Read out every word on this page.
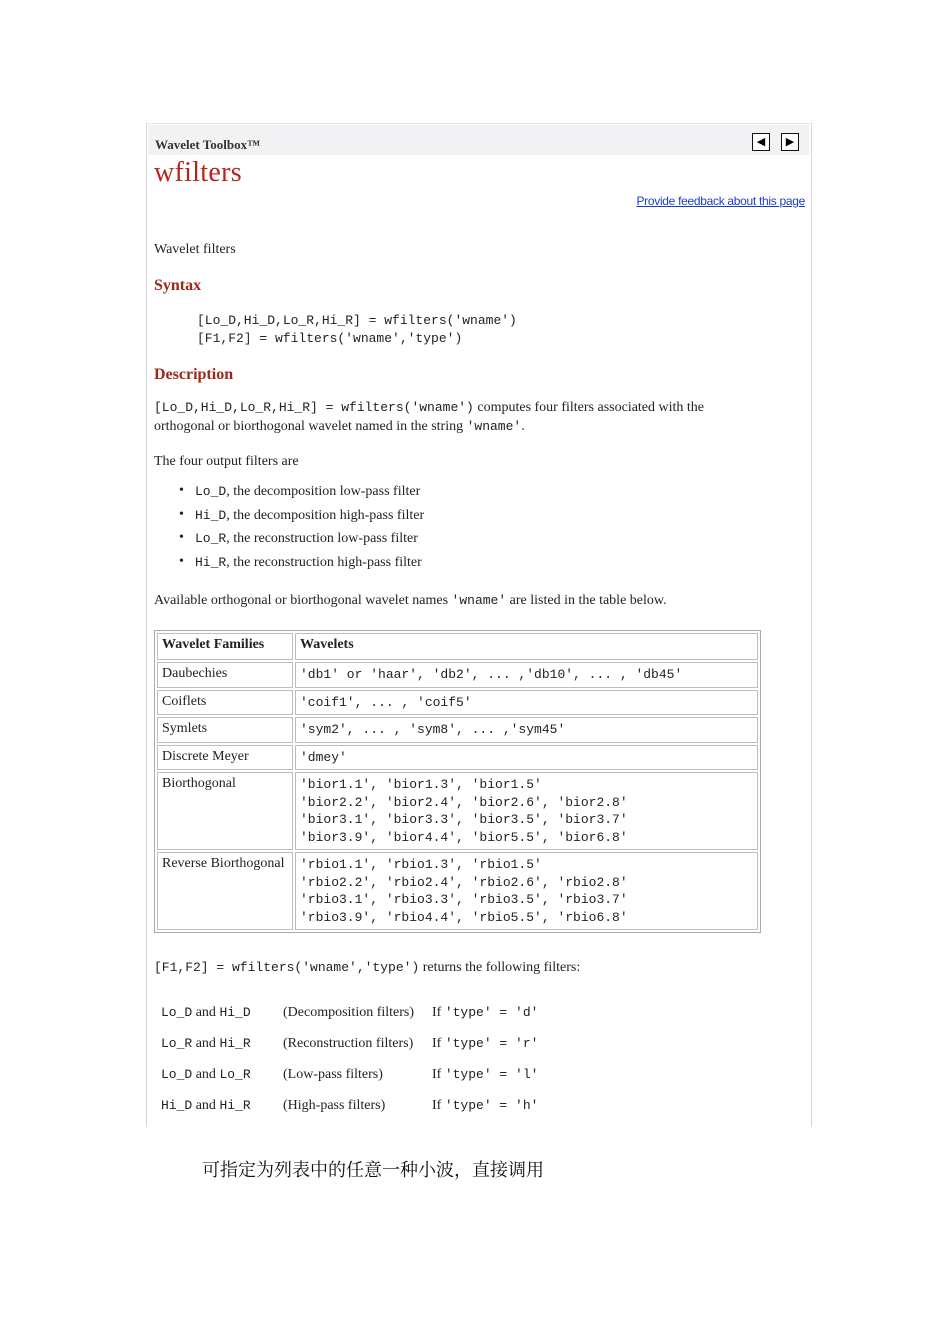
Wavelet Toolbox™	◀	▶
wfilters
Provide feedback about this page
Wavelet filters
Syntax
[Lo_D,Hi_D,Lo_R,Hi_R] = wfilters('wname')
[F1,F2] = wfilters('wname','type')
Description
[Lo_D,Hi_D,Lo_R,Hi_R] = wfilters('wname') computes four filters associated with the
orthogonal or biorthogonal wavelet named in the string 'wname'.
The four output filters are
• Lo_D, the decomposition low-pass filter
• Hi_D, the decomposition high-pass filter
• Lo_R, the reconstruction low-pass filter
• Hi_R, the reconstruction high-pass filter
Available orthogonal or biorthogonal wavelet names 'wname' are listed in the table below.
Wavelet Families	Wavelets
Daubechies	'db1' or 'haar', 'db2', ... ,'db10', ... , 'db45'
Coiflets	'coif1', ... , 'coif5'
Symlets	'sym2', ... , 'sym8', ... ,'sym45'
Discrete Meyer	'dmey'
Biorthogonal	'bior1.1', 'bior1.3', 'bior1.5'
'bior2.2', 'bior2.4', 'bior2.6', 'bior2.8'
'bior3.1', 'bior3.3', 'bior3.5', 'bior3.7'
'bior3.9', 'bior4.4', 'bior5.5', 'bior6.8'
Reverse Biorthogonal	'rbio1.1', 'rbio1.3', 'rbio1.5'
'rbio2.2', 'rbio2.4', 'rbio2.6', 'rbio2.8'
'rbio3.1', 'rbio3.3', 'rbio3.5', 'rbio3.7'
'rbio3.9', 'rbio4.4', 'rbio5.5', 'rbio6.8'
[F1,F2] = wfilters('wname','type') returns the following filters:
Lo_D and Hi_D (Decomposition filters) If 'type' = 'd'
Lo_R and Hi_R (Reconstruction filters) If 'type' = 'r'
Lo_D and Lo_R (Low-pass filters)	If 'type' = 'l'
Hi_D and Hi_R (High-pass filters)	If 'type' = 'h'
可指定为列表中的任意一种小波，直接调用
